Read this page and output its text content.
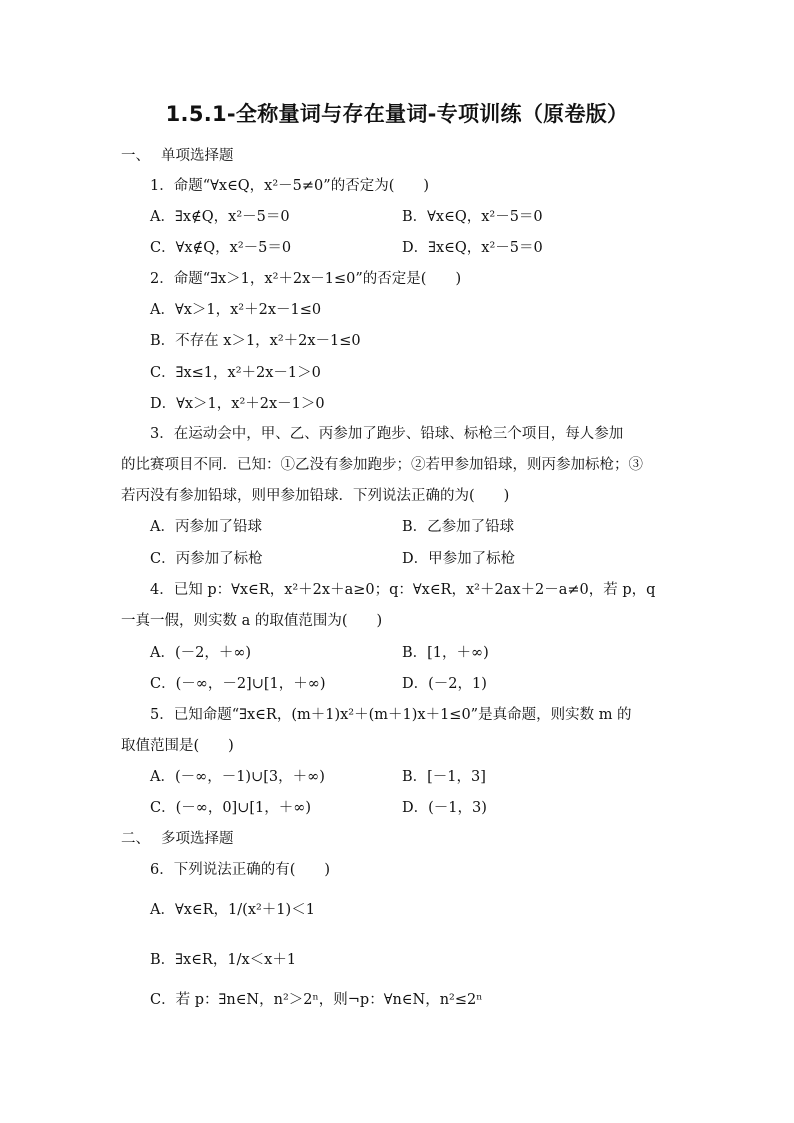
1.5.1-全称量词与存在量词-专项训练（原卷版）
一、 单项选择题
1．命题“∀x∈Q，x²－5≠0”的否定为(　　)
A．∃x∉Q，x²－5＝0	B．∀x∈Q，x²－5＝0
C．∀x∉Q，x²－5＝0	D．∃x∈Q，x²－5＝0
2．命题“∃x＞1，x²＋2x－1≤0”的否定是(　　)
A．∀x＞1，x²＋2x－1≤0
B．不存在 x＞1，x²＋2x－1≤0
C．∃x≤1，x²＋2x－1＞0
D．∀x＞1，x²＋2x－1＞0
3．在运动会中，甲、乙、丙参加了跑步、铅球、标枪三个项目，每人参加
的比赛项目不同．已知：①乙没有参加跑步；②若甲参加铅球，则丙参加标枪；③
若丙没有参加铅球，则甲参加铅球．下列说法正确的为(　　)
A．丙参加了铅球	B．乙参加了铅球
C．丙参加了标枪	D．甲参加了标枪
4．已知 p：∀x∈R，x²＋2x＋a≥0；q：∀x∈R，x²＋2ax＋2－a≠0，若 p，q
一真一假，则实数 a 的取值范围为(　　)
A．(－2，＋∞)	B．[1，＋∞)
C．(－∞，－2]∪[1，＋∞)	D．(－2，1)
5．已知命题“∃x∈R，(m＋1)x²＋(m＋1)x＋1≤0”是真命题，则实数 m 的
取值范围是(　　)
A．(－∞，－1)∪[3，＋∞)	B．[－1，3]
C．(－∞，0]∪[1，＋∞)	D．(－1，3)
二、 多项选择题
6．下列说法正确的有(　　)
A．∀x∈R，1/(x²＋1)＜1
B．∃x∈R，1/x＜x＋1
C．若 p：∃n∈N，n²＞2ⁿ，则¬p：∀n∈N，n²≤2ⁿ
